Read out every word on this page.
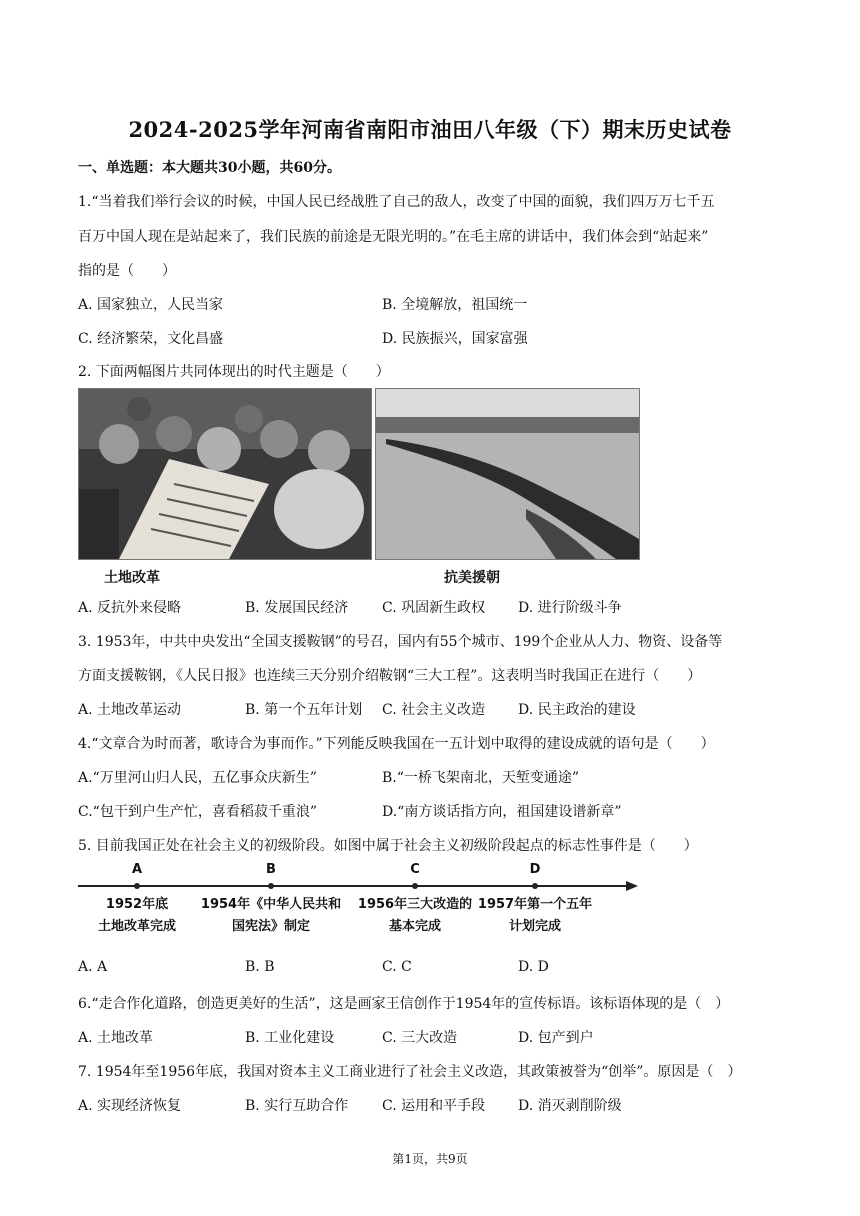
2024-2025学年河南省南阳市油田八年级（下）期末历史试卷
一、单选题：本大题共30小题，共60分。
1.“当着我们举行会议的时候，中国人民已经战胜了自己的敌人，改变了中国的面貌，我们四万万七千五
百万中国人现在是站起来了，我们民族的前途是无限光明的。”在毛主席的讲话中，我们体会到“站起来”
指的是（　　）
A. 国家独立，人民当家	B. 全境解放，祖国统一
C. 经济繁荣，文化昌盛	D. 民族振兴，国家富强
2. 下面两幅图片共同体现出的时代主题是（　　）
土地改革	抗美援朝
A. 反抗外来侵略	B. 发展国民经济 C. 巩固新生政权 D. 进行阶级斗争
3. 1953年，中共中央发出“全国支援鞍钢”的号召，国内有55个城市、199个企业从人力、物资、设备等
方面支援鞍钢，《人民日报》也连续三天分别介绍鞍钢“三大工程”。这表明当时我国正在进行（　　）
A. 土地改革运动	B. 第一个五年计划 C. 社会主义改造 D. 民主政治的建设
4.“文章合为时而著，歌诗合为事而作。”下列能反映我国在一五计划中取得的建设成就的语句是（　　）
A.“万里河山归人民，五亿事众庆新生”	B.“一桥飞架南北，天堑变通途”
C.“包干到户生产忙，喜看稻菽千重浪”	D.“南方谈话指方向，祖国建设谱新章”
5. 目前我国正处在社会主义的初级阶段。如图中属于社会主义初级阶段起点的标志性事件是（　　）
A	B	C	D
1952年底
土地改革完成
1954年《中华人民共和
国宪法》制定
1956年三大改造的
基本完成
1957年第一个五年
计划完成
A. A	B. B	C. C	D. D
6.“走合作化道路，创造更美好的生活”，这是画家王信创作于1954年的宣传标语。该标语体现的是（　）
A. 土地改革	B. 工业化建设	C. 三大改造	D. 包产到户
7. 1954年至1956年底，我国对资本主义工商业进行了社会主义改造，其政策被誉为“创举”。原因是（　）
A. 实现经济恢复	B. 实行互助合作 C. 运用和平手段 D. 消灭剥削阶级
第1页，共9页
